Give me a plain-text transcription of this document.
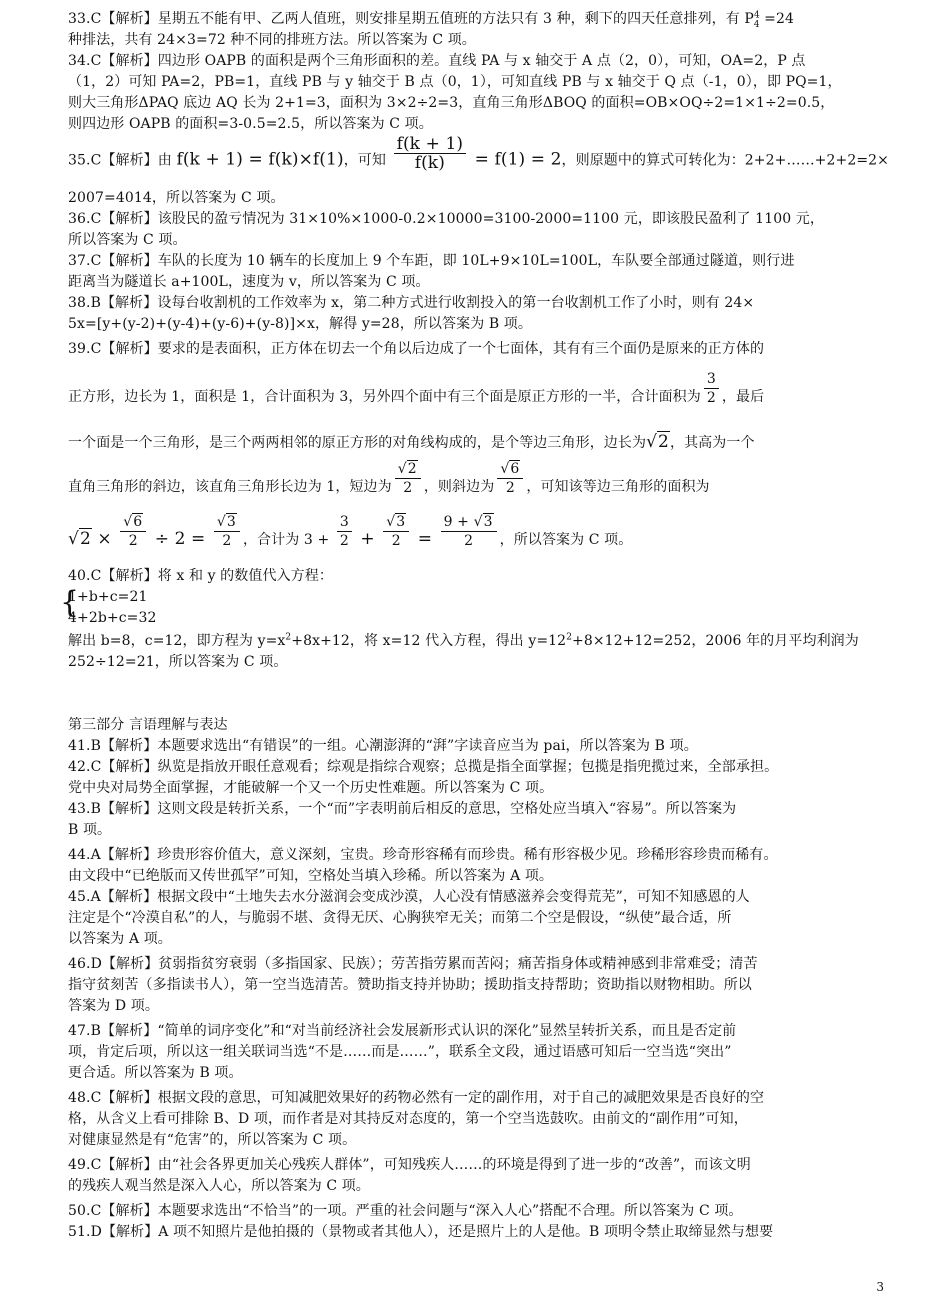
33.C【解析】星期五不能有甲、乙两人值班，则安排星期五值班的方法只有 3 种，剩下的四天任意排列，有 $P^4_4 =24$
种排法，共有 24×3=72 种不同的排班方法。所以答案为 C 项。
34.C【解析】四边形 OAPB 的面积是两个三角形面积的差。直线 PA 与 x 轴交于 A 点（2，0），可知，OA=2，P 点
（1，2）可知 PA=2，PB=1，直线 PB 与 y 轴交于 B 点（0，1），可知直线 PB 与 x 轴交于 Q 点（-1，0），即 PQ=1，
则大三角形ΔPAQ 底边 AQ 长为 2+1=3，面积为 3×2÷2=3，直角三角形ΔBOQ 的面积=OB×OQ÷2=1×1÷2=0.5，
则四边形 OAPB 的面积=3-0.5=2.5，所以答案为 C 项。
35.C【解析】由 f(k + 1) = f(k)×f(1)，可知 $\frac{f(k + 1)}{f(k)} = f(1) = 2$，则原题中的算式可转化为：2+2+……+2+2=2×
2007=4014，所以答案为 C 项。
36.C【解析】该股民的盈亏情况为 31×10%×1000-0.2×10000=3100-2000=1100 元，即该股民盈利了 1100 元，
所以答案为 C 项。
37.C【解析】车队的长度为 10 辆车的长度加上 9 个车距，即 10L+9×10L=100L，车队要全部通过隧道，则行进
距离当为隧道长 a+100L，速度为 v，所以答案为 C 项。
38.B【解析】设每台收割机的工作效率为 x，第二种方式进行收割投入的第一台收割机工作了小时，则有 24×
5x=[y+(y-2)+(y-4)+(y-6)+(y-8)]×x，解得 y=28，所以答案为 B 项。
39.C【解析】要求的是表面积，正方体在切去一个角以后边成了一个七面体，其有有三个面仍是原来的正方体的
正方形，边长为 1，面积是 1，合计面积为 3，另外四个面中有三个面是原正方形的一半，合计面积为 $\frac{3}{2}$ ，最后
一个面是一个三角形，是三个两两相邻的原正方形的对角线构成的，是个等边三角形，边长为√2，其高为一个
直角三角形的斜边，该直角三角形长边为 1，短边为 $\frac{√2}{2}$ ，则斜边为 $\frac{√6}{2}$ ，可知该等边三角形的面积为
$√2 \times \frac{√6}{2} \div 2 = \frac{√3}{2}$ ，合计为 $3 + \frac{3}{2} + \frac{√3}{2} = \frac{9 + √3}{2}$ ，所以答案为 C 项。
40.C【解析】将 x 和 y 的数值代入方程：
{
1+b+c=21
4+2b+c=32
解出 b=8，c=12，即方程为 $y=x^2+8x+12$，将 x=12 代入方程，得出 $y=12^2+8\times 12+12=252$，2006 年的月平均利润为
252÷12=21，所以答案为 C 项。
第三部分 言语理解与表达
41.B【解析】本题要求选出“有错误”的一组。心潮澎湃的“湃”字读音应当为 pai，所以答案为 B 项。
42.C【解析】纵览是指放开眼任意观看；综观是指综合观察；总揽是指全面掌握；包揽是指兜揽过来，全部承担。
党中央对局势全面掌握，才能破解一个又一个历史性难题。所以答案为 C 项。
43.B【解析】这则文段是转折关系，一个“而”字表明前后相反的意思，空格处应当填入“容易”。所以答案为
B 项。
44.A【解析】珍贵形容价值大，意义深刻，宝贵。珍奇形容稀有而珍贵。稀有形容极少见。珍稀形容珍贵而稀有。
由文段中“已绝版而又传世孤罕”可知，空格处当填入珍稀。所以答案为 A 项。
45.A【解析】根据文段中“土地失去水分滋润会变成沙漠，人心没有情感滋养会变得荒芜”，可知不知感恩的人
注定是个“冷漠自私”的人，与脆弱不堪、贪得无厌、心胸狭窄无关；而第二个空是假设，“纵使”最合适，所
以答案为 A 项。
46.D【解析】贫弱指贫穷衰弱（多指国家、民族）；劳苦指劳累而苦闷；痛苦指身体或精神感到非常难受；清苦
指守贫刻苦（多指读书人），第一空当选清苦。赞助指支持并协助；援助指支持帮助；资助指以财物相助。所以
答案为 D 项。
47.B【解析】“简单的词序变化”和“对当前经济社会发展新形式认识的深化”显然呈转折关系，而且是否定前
项，肯定后项，所以这一组关联词当选“不是……而是……”，联系全文段，通过语感可知后一空当选“突出”
更合适。所以答案为 B 项。
48.C【解析】根据文段的意思，可知减肥效果好的药物必然有一定的副作用，对于自己的减肥效果是否良好的空
格，从含义上看可排除 B、D 项，而作者是对其持反对态度的，第一个空当选鼓吹。由前文的“副作用”可知，
对健康显然是有“危害”的，所以答案为 C 项。
49.C【解析】由“社会各界更加关心残疾人群体”，可知残疾人……的环境是得到了进一步的“改善”，而该文明
的残疾人观当然是深入人心，所以答案为 C 项。
50.C【解析】本题要求选出“不恰当”的一项。严重的社会问题与“深入人心”搭配不合理。所以答案为 C 项。
51.D【解析】A 项不知照片是他拍摄的（景物或者其他人），还是照片上的人是他。B 项明令禁止取缔显然与想要
3
